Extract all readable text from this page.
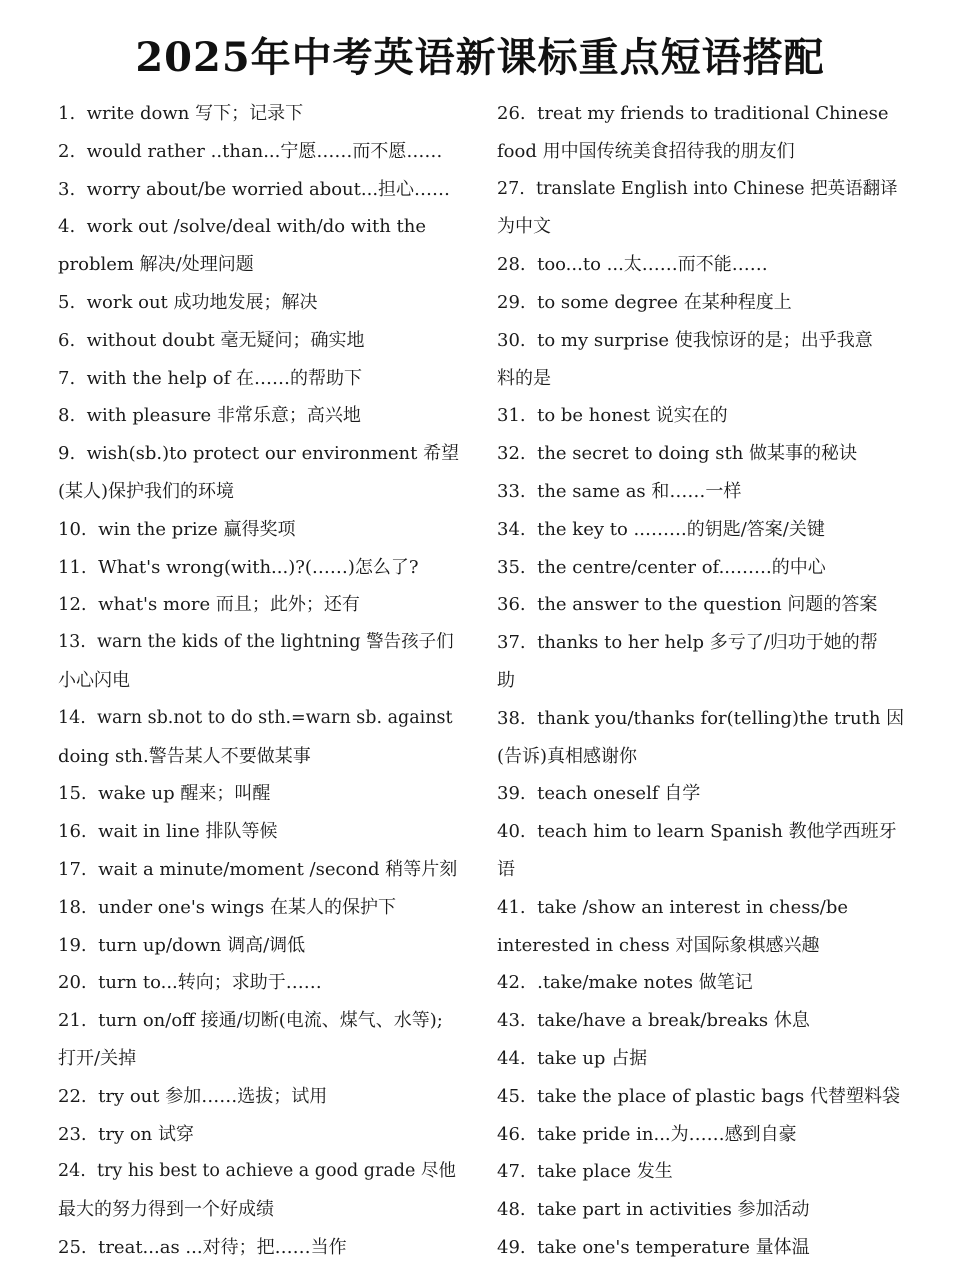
2025年中考英语新课标重点短语搭配
1. write down 写下；记录下
2. would rather ..than...宁愿……而不愿……
3. worry about/be worried about...担心……
4. work out /solve/deal with/do with the
problem 解决/处理问题
5. work out 成功地发展；解决
6. without doubt 毫无疑问；确实地
7. with the help of 在……的帮助下
8. with pleasure 非常乐意；高兴地
9. wish(sb.)to protect our environment 希望
(某人)保护我们的环境
10. win the prize 赢得奖项
11. What's wrong(with...)?(……)怎么了?
12. what's more 而且；此外；还有
13. warn the kids of the lightning 警告孩子们
小心闪电
14. warn sb.not to do sth.=warn sb. against
doing sth.警告某人不要做某事
15. wake up 醒来；叫醒
16. wait in line 排队等候
17. wait a minute/moment /second 稍等片刻
18. under one's wings 在某人的保护下
19. turn up/down 调高/调低
20. turn to...转向；求助于……
21. turn on/off 接通/切断(电流、煤气、水等);
打开/关掉
22. try out 参加……选拔；试用
23. try on 试穿
24. try his best to achieve a good grade 尽他
最大的努力得到一个好成绩
25. treat...as ...对待；把……当作
26. treat my friends to traditional Chinese
food 用中国传统美食招待我的朋友们
27. translate English into Chinese 把英语翻译
为中文
28. too...to ...太……而不能……
29. to some degree 在某种程度上
30. to my surprise 使我惊讶的是；出乎我意
料的是
31. to be honest 说实在的
32. the secret to doing sth 做某事的秘诀
33. the same as 和……一样
34. the key to ..…….的钥匙/答案/关键
35. the centre/center of..…….的中心
36. the answer to the question 问题的答案
37. thanks to her help 多亏了/归功于她的帮
助
38. thank you/thanks for(telling)the truth 因
(告诉)真相感谢你
39. teach oneself 自学
40. teach him to learn Spanish 教他学西班牙
语
41. take /show an interest in chess/be
interested in chess 对国际象棋感兴趣
42. .take/make notes 做笔记
43. take/have a break/breaks 休息
44. take up 占据
45. take the place of plastic bags 代替塑料袋
46. take pride in...为……感到自豪
47. take place 发生
48. take part in activities 参加活动
49. take one's temperature 量体温
